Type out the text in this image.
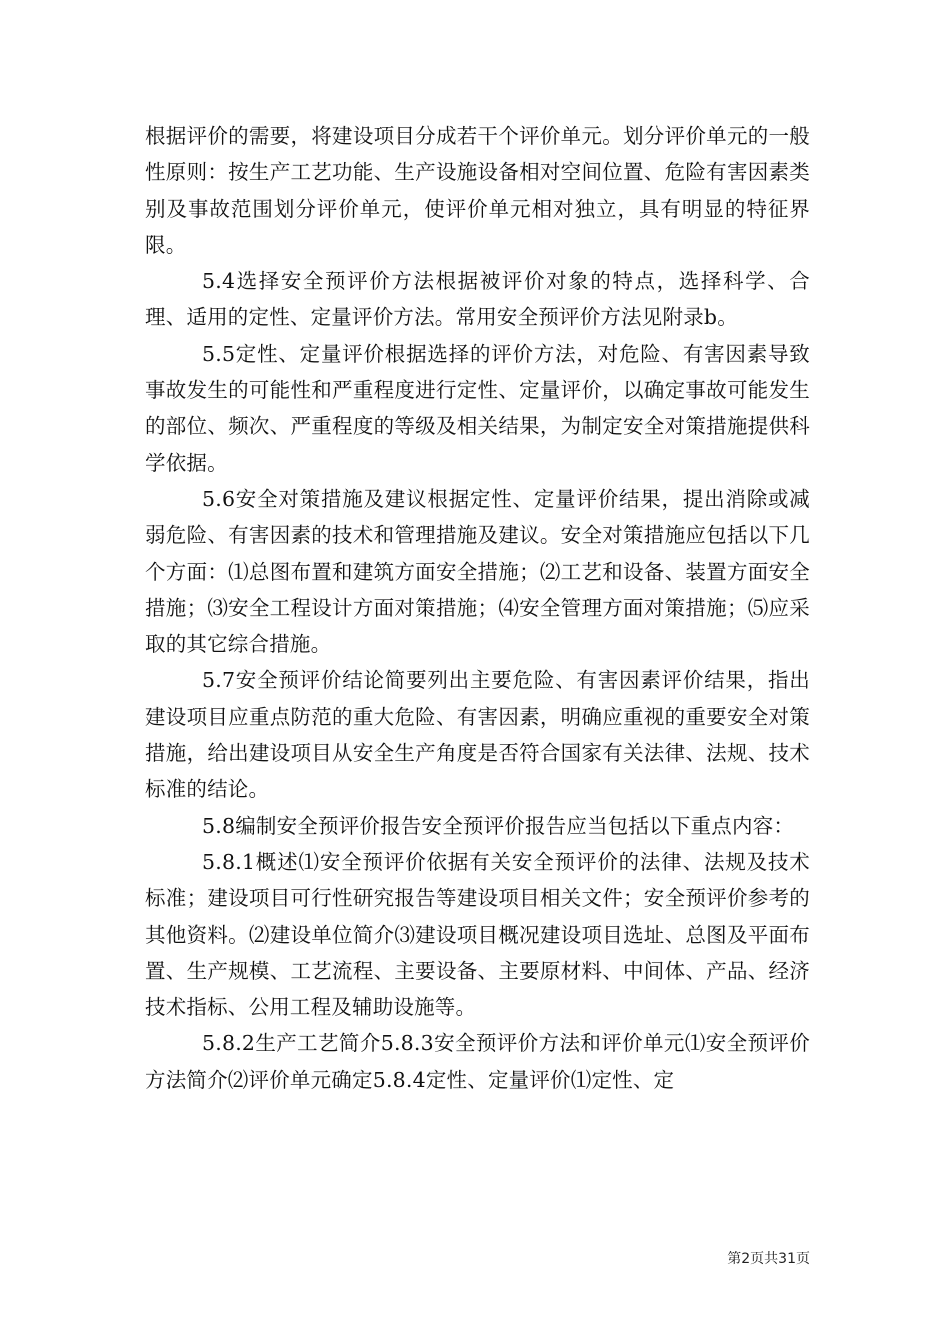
根据评价的需要，将建设项目分成若干个评价单元。划分评价单元的一般性原则：按生产工艺功能、生产设施设备相对空间位置、危险有害因素类别及事故范围划分评价单元，使评价单元相对独立，具有明显的特征界限。

5.4选择安全预评价方法根据被评价对象的特点，选择科学、合理、适用的定性、定量评价方法。常用安全预评价方法见附录b。

5.5定性、定量评价根据选择的评价方法，对危险、有害因素导致事故发生的可能性和严重程度进行定性、定量评价，以确定事故可能发生的部位、频次、严重程度的等级及相关结果，为制定安全对策措施提供科学依据。

5.6安全对策措施及建议根据定性、定量评价结果，提出消除或减弱危险、有害因素的技术和管理措施及建议。安全对策措施应包括以下几个方面：⑴总图布置和建筑方面安全措施；⑵工艺和设备、装置方面安全措施；⑶安全工程设计方面对策措施；⑷安全管理方面对策措施；⑸应采取的其它综合措施。

5.7安全预评价结论简要列出主要危险、有害因素评价结果，指出建设项目应重点防范的重大危险、有害因素，明确应重视的重要安全对策措施，给出建设项目从安全生产角度是否符合国家有关法律、法规、技术标准的结论。

5.8编制安全预评价报告安全预评价报告应当包括以下重点内容：

5.8.1概述⑴安全预评价依据有关安全预评价的法律、法规及技术标准；建设项目可行性研究报告等建设项目相关文件；安全预评价参考的其他资料。⑵建设单位简介⑶建设项目概况建设项目选址、总图及平面布置、生产规模、工艺流程、主要设备、主要原材料、中间体、产品、经济技术指标、公用工程及辅助设施等。

5.8.2生产工艺简介5.8.3安全预评价方法和评价单元⑴安全预评价方法简介⑵评价单元确定5.8.4定性、定量评价⑴定性、定

第2页共31页
